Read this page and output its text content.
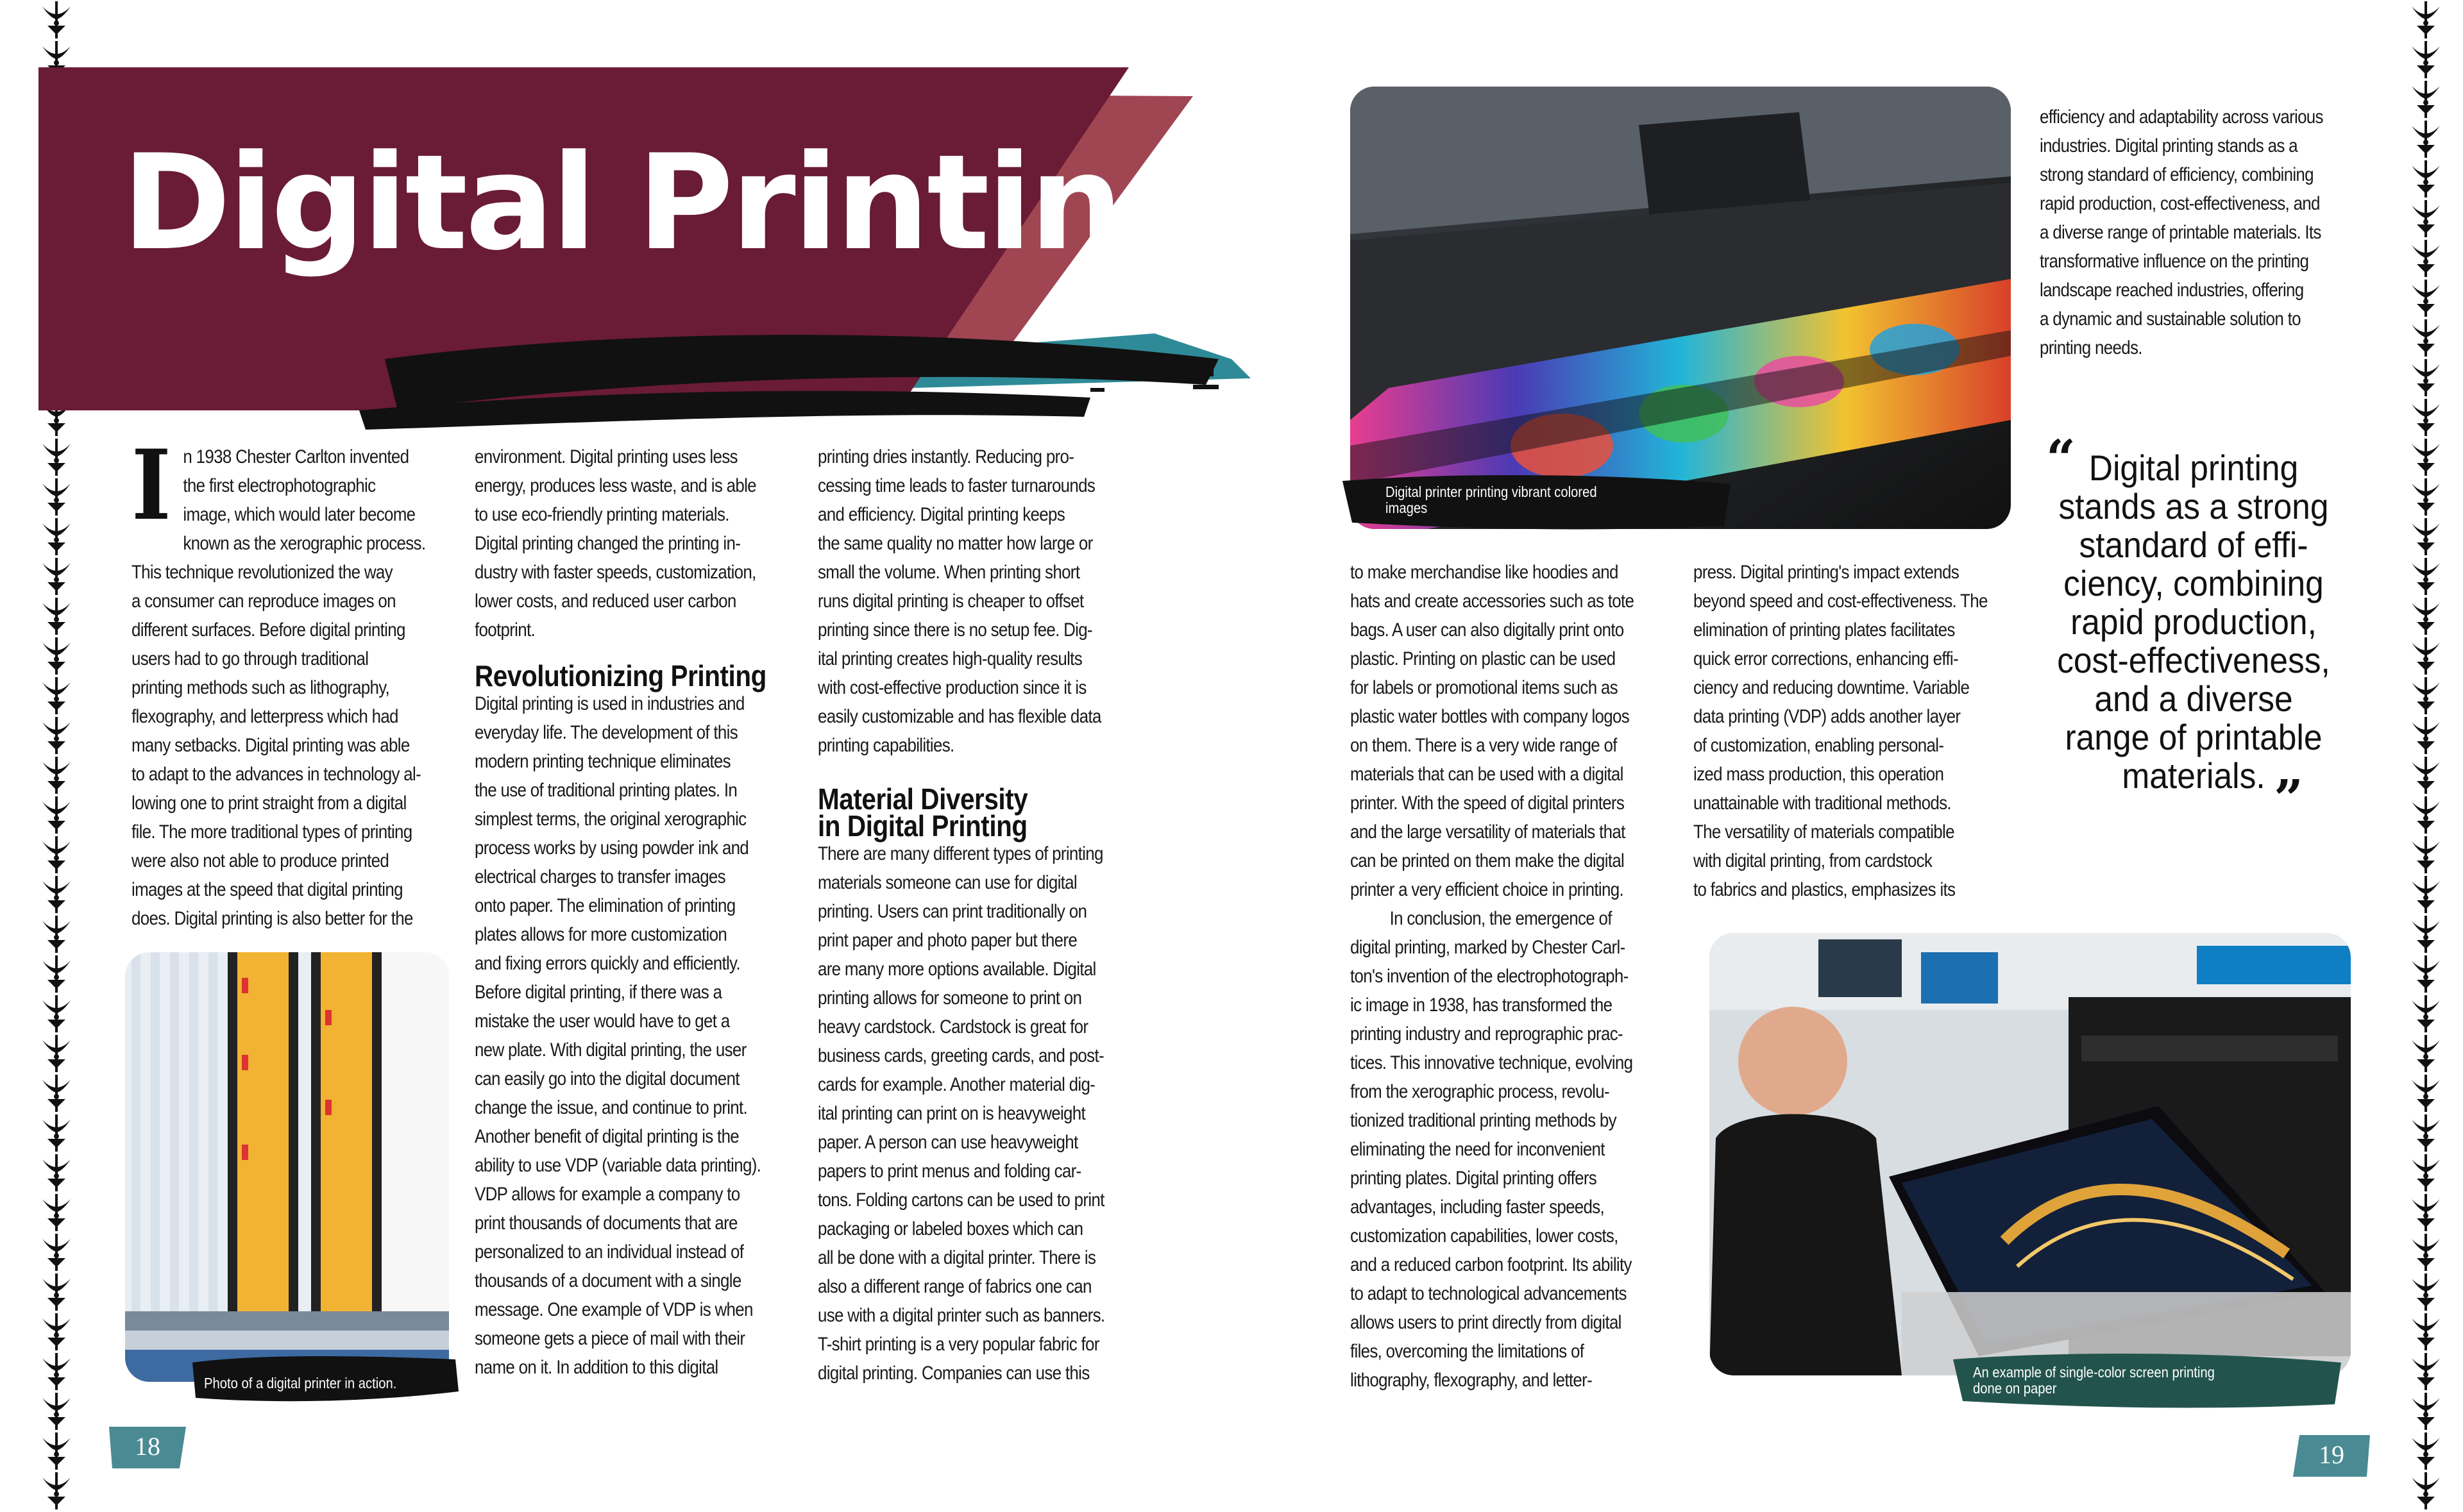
Digital Printing
I n 1938 Chester Carlton invented

the first electrophotographic

image, which would later become

known as the xerographic process.

This technique revolutionized the way

a consumer can reproduce images on

different surfaces. Before digital printing

users had to go through traditional

printing methods such as lithography,

flexography, and letterpress which had

many setbacks. Digital printing was able

to adapt to the advances in technology al-

lowing one to print straight from a digital

file. The more traditional types of printing

were also not able to produce printed

images at the speed that digital printing

does. Digital printing is also better for the

Photo of a digital printer in action.
18

environment. Digital printing uses less

energy, produces less waste, and is able

to use eco-friendly printing materials.

Digital printing changed the printing in-

dustry with faster speeds, customization,

lower costs, and reduced user carbon

footprint.

Revolutionizing Printing

Digital printing is used in industries and

everyday life. The development of this

modern printing technique eliminates

the use of traditional printing plates. In

simplest terms, the original xerographic

process works by using powder ink and

electrical charges to transfer images

onto paper. The elimination of printing

plates allows for more customization

and fixing errors quickly and efficiently.

Before digital printing, if there was a

mistake the user would have to get a

new plate. With digital printing, the user

can easily go into the digital document

change the issue, and continue to print.

Another benefit of digital printing is the

ability to use VDP (variable data printing).

VDP allows for example a company to

print thousands of documents that are

personalized to an individual instead of

thousands of a document with a single

message. One example of VDP is when

someone gets a piece of mail with their

name on it. In addition to this digital

printing dries instantly. Reducing pro-

cessing time leads to faster turnarounds

and efficiency. Digital printing keeps

the same quality no matter how large or

small the volume. When printing short

runs digital printing is cheaper to offset

printing since there is no setup fee. Dig-

ital printing creates high-quality results

with cost-effective production since it is

easily customizable and has flexible data

printing capabilities.

Material Diversity
in Digital Printing

There are many different types of printing

materials someone can use for digital

printing. Users can print traditionally on

print paper and photo paper but there

are many more options available. Digital

printing allows for someone to print on

heavy cardstock. Cardstock is great for

business cards, greeting cards, and post-

cards for example. Another material dig-

ital printing can print on is heavyweight

paper. A person can use heavyweight

papers to print menus and folding car-

tons. Folding cartons can be used to print

packaging or labeled boxes which can

all be done with a digital printer. There is

also a different range of fabrics one can

use with a digital printer such as banners.

T-shirt printing is a very popular fabric for

digital printing. Companies can use this

Digital printer printing vibrant colored
images

efficiency and adaptability across various

industries. Digital printing stands as a

strong standard of efficiency, combining

rapid production, cost-effectiveness, and

a diverse range of printable materials. Its

transformative influence on the printing

landscape reached industries, offering

a dynamic and sustainable solution to

printing needs.

“ Digital printing
stands as a strong
standard of effi-
ciency, combining
rapid production,
cost-effectiveness,
and a diverse
range of printable
materials. ”

to make merchandise like hoodies and

hats and create accessories such as tote

bags. A user can also digitally print onto

plastic. Printing on plastic can be used

for labels or promotional items such as

plastic water bottles with company logos

on them. There is a very wide range of

materials that can be used with a digital

printer. With the speed of digital printers

and the large versatility of materials that

can be printed on them make the digital

printer a very efficient choice in printing.

In conclusion, the emergence of

digital printing, marked by Chester Carl-

ton's invention of the electrophotograph-

ic image in 1938, has transformed the

printing industry and reprographic prac-

tices. This innovative technique, evolving

from the xerographic process, revolu-

tionized traditional printing methods by

eliminating the need for inconvenient

printing plates. Digital printing offers

advantages, including faster speeds,

customization capabilities, lower costs,

and a reduced carbon footprint. Its ability

to adapt to technological advancements

allows users to print directly from digital

files, overcoming the limitations of

lithography, flexography, and letter-

press. Digital printing's impact extends

beyond speed and cost-effectiveness. The

elimination of printing plates facilitates

quick error corrections, enhancing effi-

ciency and reducing downtime. Variable

data printing (VDP) adds another layer

of customization, enabling personal-

ized mass production, this operation

unattainable with traditional methods.

The versatility of materials compatible

with digital printing, from cardstock

to fabrics and plastics, emphasizes its

An example of single-color screen printing
done on paper
19
